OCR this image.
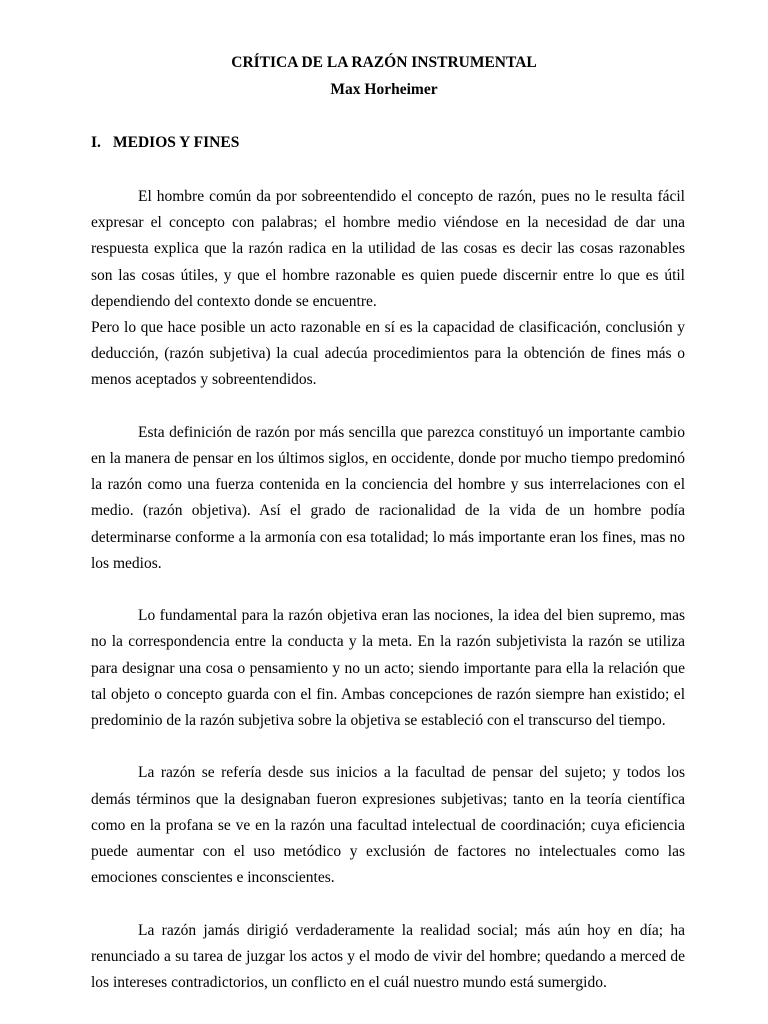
CRÍTICA DE LA RAZÓN INSTRUMENTAL
Max Horheimer
I. MEDIOS Y FINES

El hombre común da por sobreentendido el concepto de razón, pues no le resulta fácil expresar el concepto con palabras; el hombre medio viéndose en la necesidad de dar una respuesta explica que la razón radica en la utilidad de las cosas es decir las cosas razonables son las cosas útiles, y que el hombre razonable es quien puede discernir entre lo que es útil dependiendo del contexto donde se encuentre.

Pero lo que hace posible un acto razonable en sí es la capacidad de clasificación, conclusión y deducción, (razón subjetiva) la cual adecúa procedimientos para la obtención de fines más o menos aceptados y sobreentendidos.

Esta definición de razón por más sencilla que parezca constituyó un importante cambio en la manera de pensar en los últimos siglos, en occidente, donde por mucho tiempo predominó la razón como una fuerza contenida en la conciencia del hombre y sus interrelaciones con el medio. (razón objetiva). Así el grado de racionalidad de la vida de un hombre podía determinarse conforme a la armonía con esa totalidad; lo más importante eran los fines, mas no los medios.

Lo fundamental para la razón objetiva eran las nociones, la idea del bien supremo, mas no la correspondencia entre la conducta y la meta. En la razón subjetivista la razón se utiliza para designar una cosa o pensamiento y no un acto; siendo importante para ella la relación que tal objeto o concepto guarda con el fin. Ambas concepciones de razón siempre han existido; el predominio de la razón subjetiva sobre la objetiva se estableció con el transcurso del tiempo.

La razón se refería desde sus inicios a la facultad de pensar del sujeto; y todos los demás términos que la designaban fueron expresiones subjetivas; tanto en la teoría científica como en la profana se ve en la razón una facultad intelectual de coordinación; cuya eficiencia puede aumentar con el uso metódico y exclusión de factores no intelectuales como las emociones conscientes e inconscientes.

La razón jamás dirigió verdaderamente la realidad social; más aún hoy en día; ha renunciado a su tarea de juzgar los actos y el modo de vivir del hombre; quedando a merced de los intereses contradictorios, un conflicto en el cuál nuestro mundo está sumergido.
